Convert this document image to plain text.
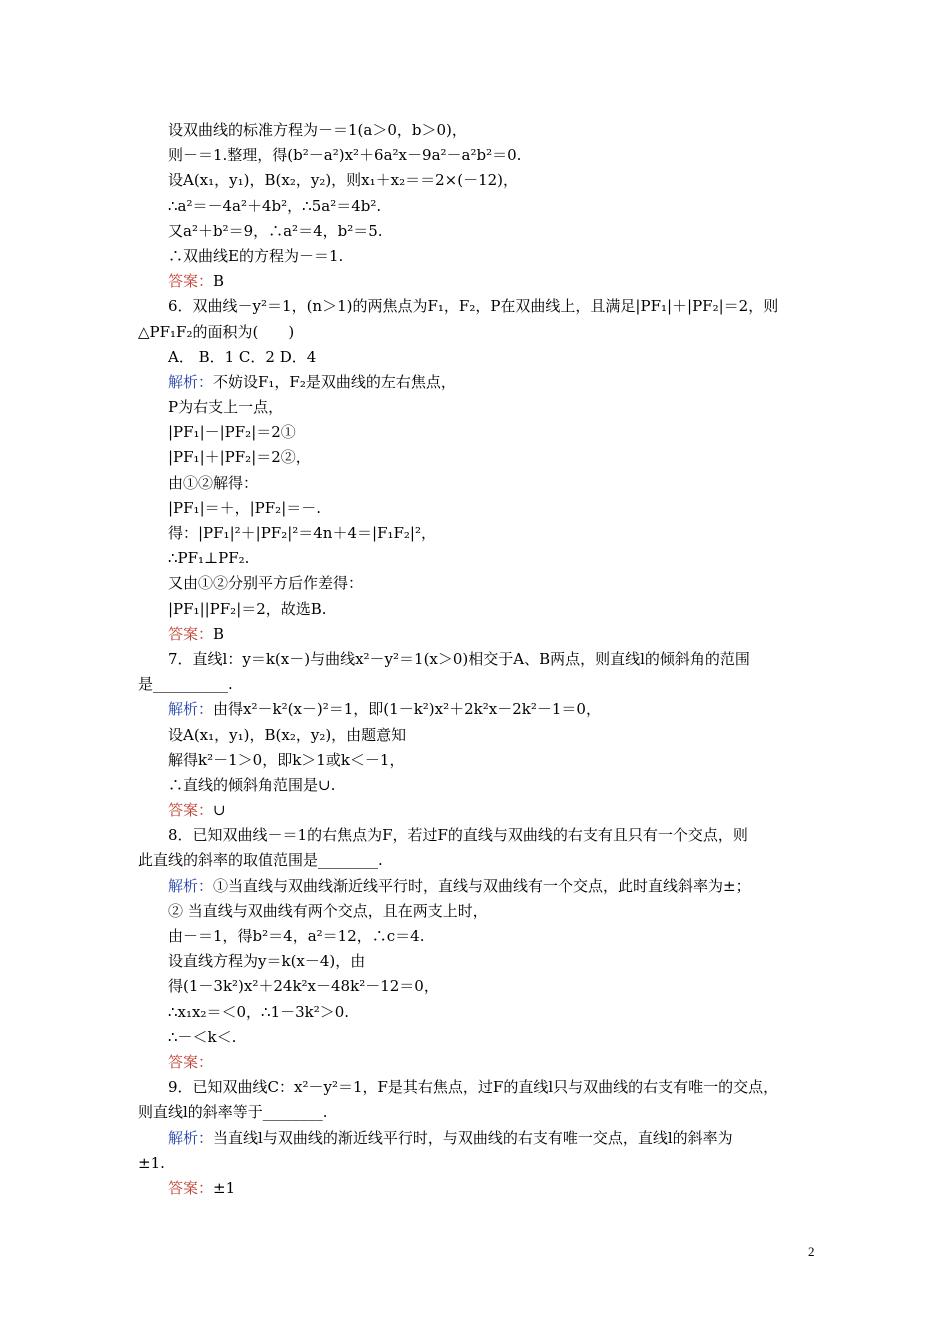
设双曲线的标准方程为－＝1(a＞0，b＞0)，
则－＝1.整理，得(b²－a²)x²＋6a²x－9a²－a²b²＝0.
设A(x₁，y₁)，B(x₂，y₂)，则x₁＋x₂＝＝2×(－12)，
∴a²＝－4a²＋4b²，∴5a²＝4b².
又a²＋b²＝9，∴a²＝4，b²＝5.
∴双曲线E的方程为－＝1.
答案：B
6．双曲线－y²＝1，(n＞1)的两焦点为F₁，F₂，P在双曲线上，且满足|PF₁|＋|PF₂|＝2，则
△PF₁F₂的面积为(　　)
A． B．1 C．2 D．4
解析：不妨设F₁，F₂是双曲线的左右焦点，
P为右支上一点，
|PF₁|－|PF₂|＝2①
|PF₁|＋|PF₂|＝2②，
由①②解得：
|PF₁|＝＋，|PF₂|＝－.
得：|PF₁|²＋|PF₂|²＝4n＋4＝|F₁F₂|²，
∴PF₁⊥PF₂.
又由①②分别平方后作差得：
|PF₁||PF₂|＝2，故选B.
答案：B
7．直线l：y＝k(x－)与曲线x²－y²＝1(x＞0)相交于A、B两点，则直线l的倾斜角的范围
是__________.
解析：由得x²－k²(x－)²＝1，即(1－k²)x²＋2k²x－2k²－1＝0，
设A(x₁，y₁)，B(x₂，y₂)，由题意知
解得k²－1＞0，即k＞1或k＜－1，
∴直线的倾斜角范围是∪.
答案：∪
8．已知双曲线－＝1的右焦点为F，若过F的直线与双曲线的右支有且只有一个交点，则
此直线的斜率的取值范围是________.
解析：①当直线与双曲线渐近线平行时，直线与双曲线有一个交点，此时直线斜率为±；
② 当直线与双曲线有两个交点，且在两支上时，
由－＝1，得b²＝4，a²＝12，∴c＝4.
设直线方程为y＝k(x－4)，由
得(1－3k²)x²＋24k²x－48k²－12＝0，
∴x₁x₂＝＜0，∴1－3k²＞0.
∴－＜k＜.
答案：
9．已知双曲线C：x²－y²＝1，F是其右焦点，过F的直线l只与双曲线的右支有唯一的交点，
则直线l的斜率等于________.
解析：当直线l与双曲线的渐近线平行时，与双曲线的右支有唯一交点，直线l的斜率为
±1.
答案：±1
2
